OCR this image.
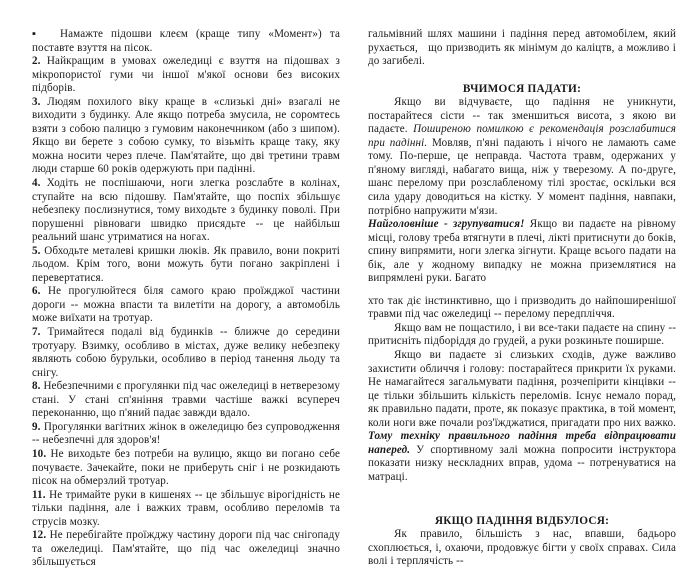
▪ Намажте підошви клеєм (краще типу «Момент») та поставте взуття на пісок.

2. Найкращим в умовах ожеледиці є взуття на підошвах з мікропористої гуми чи іншої м'якої основи без високих підборів.

3. Людям похилого віку краще в «слизькі дні» взагалі не виходити з будинку. Але якщо потреба змусила, не соромтесь взяти з собою палицю з гумовим наконечником (або з шипом). Якщо ви берете з собою сумку, то візьміть краще таку, яку можна носити через плече. Пам'ятайте, що дві третини травм люди старше 60 років одержують при падінні.

4. Ходіть не поспішаючи, ноги злегка розслабте в колінах, ступайте на всю підошву. Пам'ятайте, що поспіх збільшує небезпеку послизнутися, тому виходьте з будинку поволі. При порушенні рівноваги швидко присядьте -- це найбільш реальний шанс утриматися на ногах.

5. Обходьте металеві кришки люків. Як правило, вони покриті льодом. Крім того, вони можуть бути погано закріплені і перевертатися.

6. Не прогулюйтеся біля самого краю проїжджої частини дороги -- можна впасти та вилетіти на дорогу, а автомобіль може виїхати на тротуар.

7. Тримайтеся подалі від будинків -- ближче до середини тротуару. Взимку, особливо в містах, дуже велику небезпеку являють собою бурульки, особливо в період танення льоду та снігу.

8. Небезпечними є прогулянки під час ожеледиці в нетверезому стані. У стані сп'яніння травми частіше важкі всупереч переконанню, що п'яний падає завжди вдало.

9. Прогулянки вагітних жінок в ожеледицю без супроводження -- небезпечні для здоров'я!

10. Не виходьте без потреби на вулицю, якщо ви погано себе почуваєте. Зачекайте, поки не приберуть сніг і не розкидають пісок на обмерзлий тротуар.

11. Не тримайте руки в кишенях -- це збільшує вірогідність не тільки падіння, але і важких травм, особливо переломів та струсів мозку.

12. Не перебігайте проїжджу частину дороги під час снігопаду та ожеледиці. Пам'ятайте, що під час ожеледиці значно збільшується

гальмівний шлях машини і падіння перед автомобілем, який рухається,   що призводить як мінімум до каліцтв, а можливо і до загибелі.

ВЧИМОСЯ ПАДАТИ:

Якщо ви відчуваєте, що падіння не уникнути, постарайтеся сісти -- так зменшиться висота, з якою ви падаєте. Поширеною помилкою є рекомендація розслабитися при падінні. Мовляв, п'яні падають і нічого не ламають саме тому. По-перше, це неправда. Частота травм, одержаних у п'яному вигляді, набагато вища, ніж у тверезому. А по-друге, шанс перелому при розслабленому тілі зростає, оскільки вся сила удару доводиться на кістку. У момент падіння, навпаки, потрібно напружити м'язи.

Найголовніше - згрупуватися! Якщо ви падаєте на рівному місці, голову треба втягнути в плечі, лікті притиснути до боків, спину випрямити, ноги злегка зігнути. Краще всього падати на бік, але у жодному випадку не можна приземлятися на випрямлені руки. Багато

хто так діє інстинктивно, що і призводить до найпоширенішої травми під час ожеледиці -- перелому передпліччя.

Якщо вам не пощастило, і ви все-таки падаєте на спину -- притисніть підборіддя до грудей, а руки розкиньте поширше.

Якщо ви падаєте зі слизьких сходів, дуже важливо захистити обличчя і голову: постарайтеся прикрити їх руками. Не намагайтеся загальмувати падіння, розчепірити кінцівки -- це тільки збільшить кількість переломів. Існує немало порад, як правильно падати, проте, як показує практика, в той момент, коли ноги вже почали роз'їжджатися, пригадати про них важко. Тому техніку правильного падіння треба відпрацювати наперед. У спортивному залі можна попросити інструктора показати низку нескладних вправ, удома -- потренуватися на матраці.

ЯКЩО ПАДІННЯ ВІДБУЛОСЯ:

Як правило, більшість з нас, впавши, бадьоро схоплюється, і, охаючи, продовжує бігти у своїх справах. Сила волі і терплячість --
